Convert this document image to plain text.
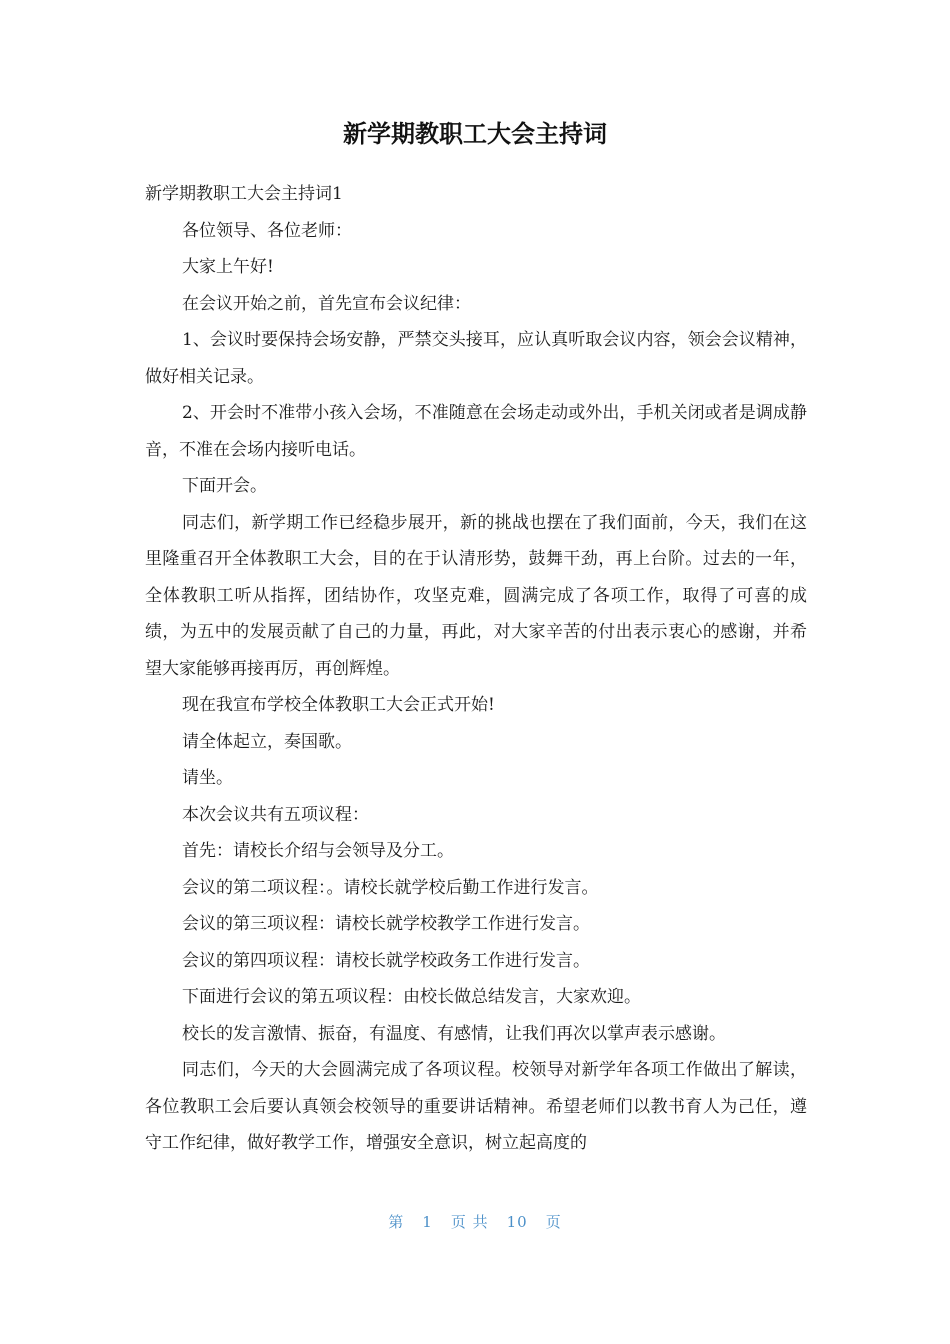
新学期教职工大会主持词

新学期教职工大会主持词1

各位领导、各位老师：

大家上午好!

在会议开始之前，首先宣布会议纪律：

1、会议时要保持会场安静，严禁交头接耳，应认真听取会议内容，领会会议精神，做好相关记录。

2、开会时不准带小孩入会场，不准随意在会场走动或外出，手机关闭或者是调成静音，不准在会场内接听电话。

下面开会。

同志们，新学期工作已经稳步展开，新的挑战也摆在了我们面前，今天，我们在这里隆重召开全体教职工大会，目的在于认清形势，鼓舞干劲，再上台阶。过去的一年，全体教职工听从指挥，团结协作，攻坚克难，圆满完成了各项工作，取得了可喜的成绩，为五中的发展贡献了自己的力量，再此，对大家辛苦的付出表示衷心的感谢，并希望大家能够再接再厉，再创辉煌。

现在我宣布学校全体教职工大会正式开始!

请全体起立，奏国歌。

请坐。

本次会议共有五项议程：

首先：请校长介绍与会领导及分工。

会议的第二项议程：。请校长就学校后勤工作进行发言。

会议的第三项议程：请校长就学校教学工作进行发言。

会议的第四项议程：请校长就学校政务工作进行发言。

下面进行会议的第五项议程：由校长做总结发言，大家欢迎。

校长的发言激情、振奋，有温度、有感情，让我们再次以掌声表示感谢。

同志们，今天的大会圆满完成了各项议程。校领导对新学年各项工作做出了解读，各位教职工会后要认真领会校领导的重要讲话精神。希望老师们以教书育人为己任，遵守工作纪律，做好教学工作，增强安全意识，树立起高度的

第 1 页 共 10 页
